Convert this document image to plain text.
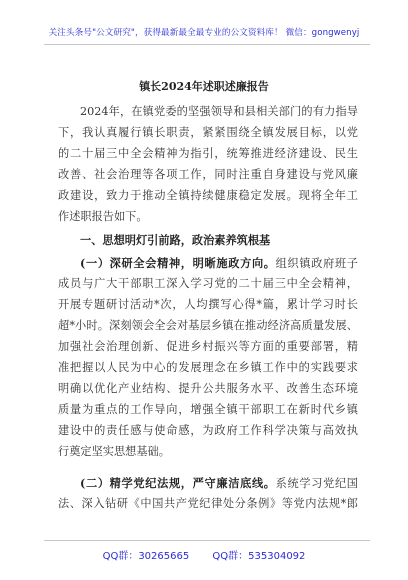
关注头条号"公文研究"，获得最新最全最专业的公文资料库！ 微信：gongwenyj
镇长2024年述职述廉报告
2024年，在镇党委的坚强领导和县相关部门的有力指导
下，我认真履行镇长职责，紧紧围绕全镇发展目标，以党
的二十届三中全会精神为指引，统筹推进经济建设、民生
改善、社会治理等各项工作，同时注重自身建设与党风廉
政建设，致力于推动全镇持续健康稳定发展。现将全年工
作述职报告如下。
一、思想明灯引前路，政治素养筑根基
(一）深研全会精神，明晰施政方向。组织镇政府班子
成员与广大干部职工深入学习党的二十届三中全会精神，
开展专题研讨活动*次，人均撰写心得*篇，累计学习时长
超*小时。深刻领会全会对基层乡镇在推动经济高质量发展、
加强社会治理创新、促进乡村振兴等方面的重要部署，精
准把握以人民为中心的发展理念在乡镇工作中的实践要求
明确以优化产业结构、提升公共服务水平、改善生态环境
质量为重点的工作导向，增强全镇干部职工在新时代乡镇
建设中的责任感与使命感，为政府工作科学决策与高效执
行奠定坚实思想基础。
(二）精学党纪法规，严守廉洁底线。系统学习党纪国
法、深入钻研《中国共产党纪律处分条例》等党内法规*郎
QQ群：30265665 QQ群：535304092
